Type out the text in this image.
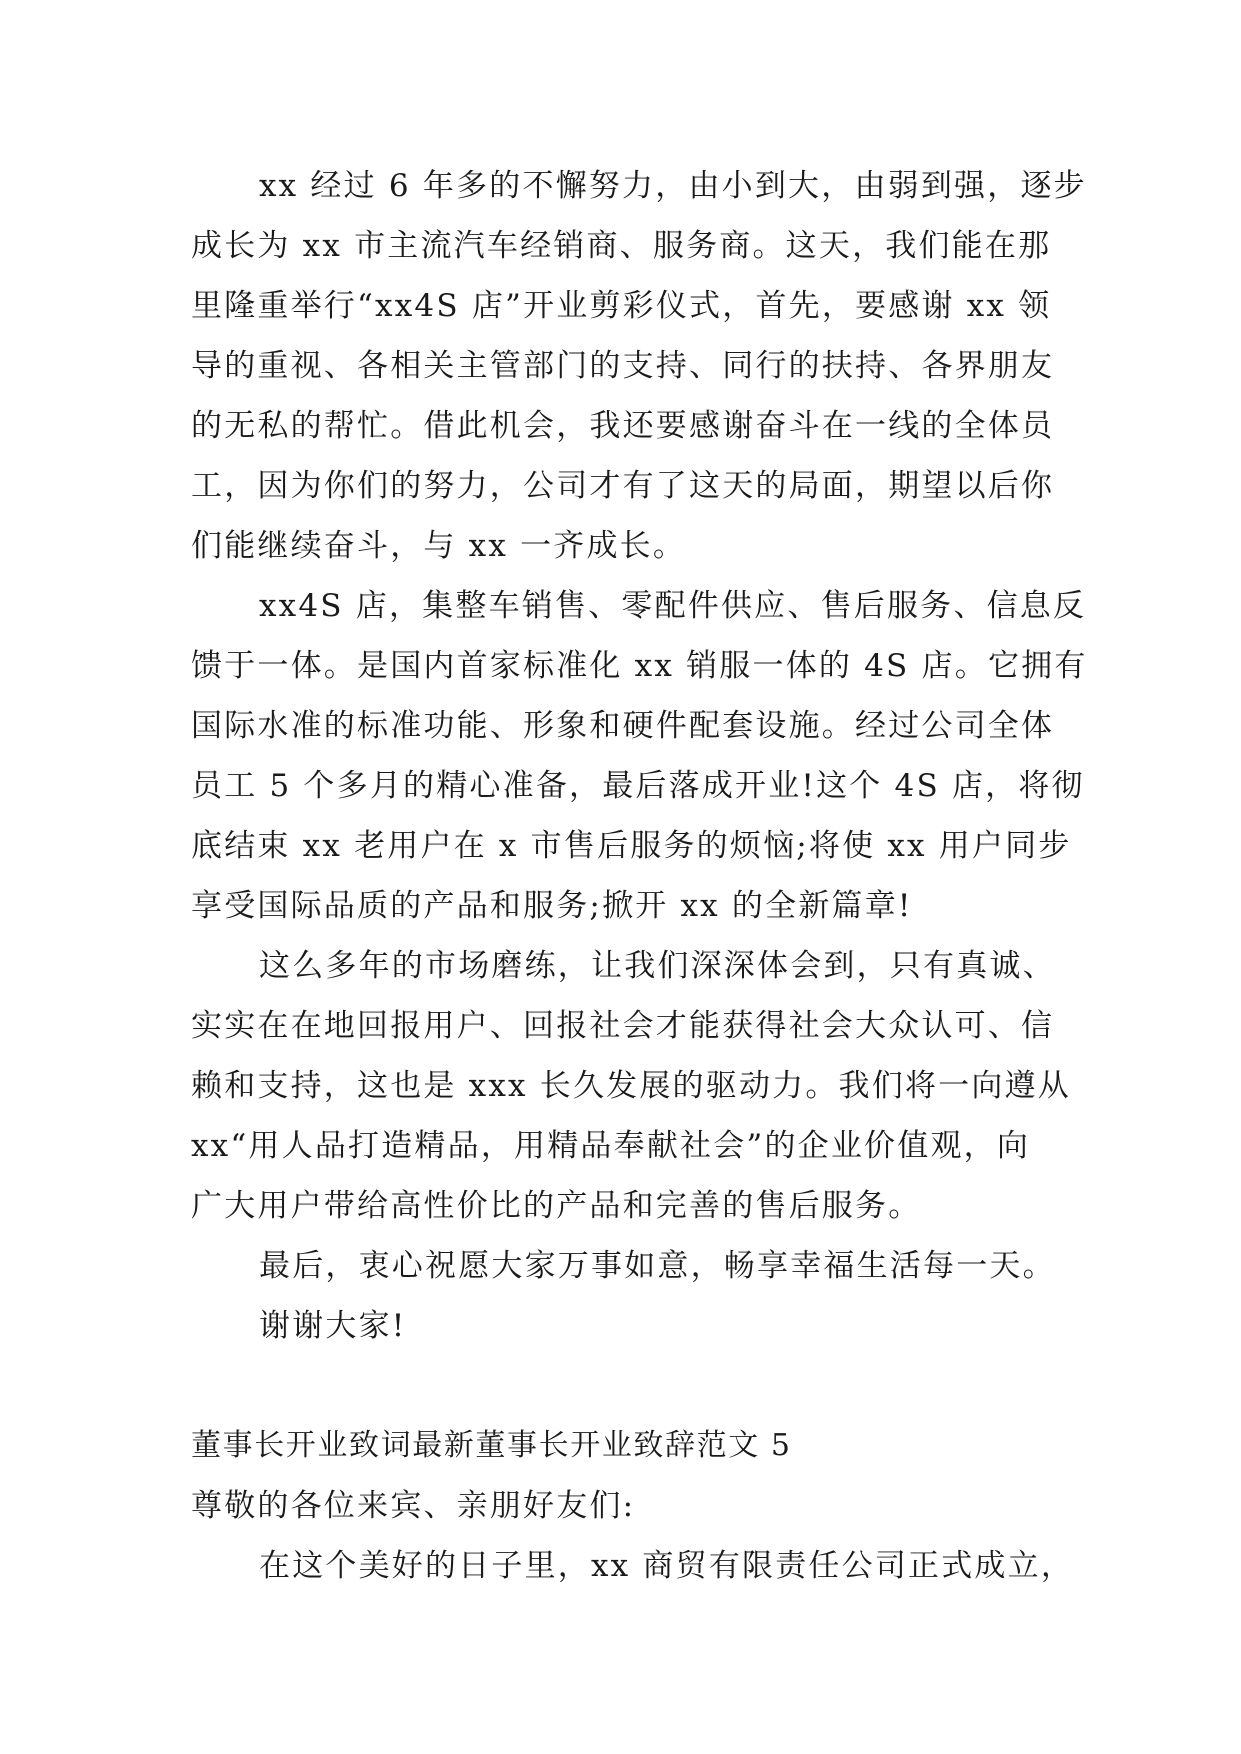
xx 经过 6 年多的不懈努力，由小到大，由弱到强，逐步
成长为 xx 市主流汽车经销商、服务商。这天，我们能在那
里隆重举行“xx4S 店”开业剪彩仪式，首先，要感谢 xx 领
导的重视、各相关主管部门的支持、同行的扶持、各界朋友
的无私的帮忙。借此机会，我还要感谢奋斗在一线的全体员
工，因为你们的努力，公司才有了这天的局面，期望以后你
们能继续奋斗，与 xx 一齐成长。
xx4S 店，集整车销售、零配件供应、售后服务、信息反
馈于一体。是国内首家标准化 xx 销服一体的 4S 店。它拥有
国际水准的标准功能、形象和硬件配套设施。经过公司全体
员工 5 个多月的精心准备，最后落成开业!这个 4S 店，将彻
底结束 xx 老用户在 x 市售后服务的烦恼;将使 xx 用户同步
享受国际品质的产品和服务;掀开 xx 的全新篇章!
这么多年的市场磨练，让我们深深体会到，只有真诚、
实实在在地回报用户、回报社会才能获得社会大众认可、信
赖和支持，这也是 xxx 长久发展的驱动力。我们将一向遵从
xx“用人品打造精品，用精品奉献社会”的企业价值观，向
广大用户带给高性价比的产品和完善的售后服务。
最后，衷心祝愿大家万事如意，畅享幸福生活每一天。
谢谢大家!
董事长开业致词最新董事长开业致辞范文 5
尊敬的各位来宾、亲朋好友们:
在这个美好的日子里，xx 商贸有限责任公司正式成立，
